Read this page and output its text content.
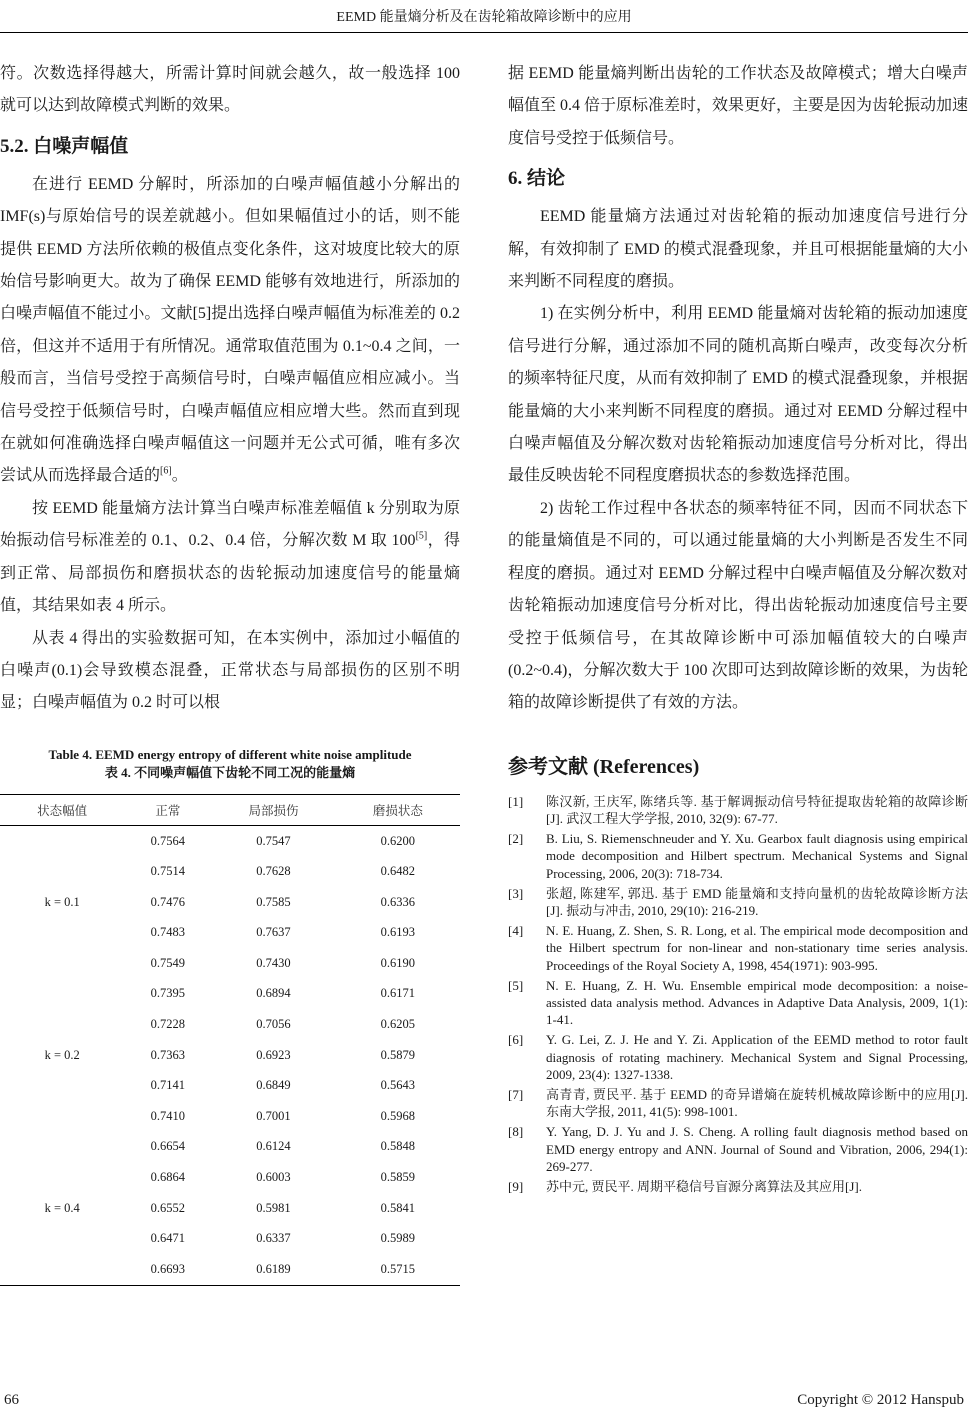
EEMD 能量熵分析及在齿轮箱故障诊断中的应用

符。次数选择得越大，所需计算时间就会越久，故一般选择 100 就可以达到故障模式判断的效果。

5.2. 白噪声幅值

在进行 EEMD 分解时，所添加的白噪声幅值越小分解出的 IMF(s)与原始信号的误差就越小。但如果幅值过小的话，则不能提供 EEMD 方法所依赖的极值点变化条件，这对坡度比较大的原始信号影响更大。故为了确保 EEMD 能够有效地进行，所添加的白噪声幅值不能过小。文献[5]提出选择白噪声幅值为标准差的 0.2 倍，但这并不适用于有所情况。通常取值范围为 0.1~0.4 之间，一般而言，当信号受控于高频信号时，白噪声幅值应相应减小。当信号受控于低频信号时，白噪声幅值应相应增大些。然而直到现在就如何准确选择白噪声幅值这一问题并无公式可循，唯有多次尝试从而选择最合适的[6]。

按 EEMD 能量熵方法计算当白噪声标准差幅值 k 分别取为原始振动信号标准差的 0.1、0.2、0.4 倍，分解次数 M 取 100[5]，得到正常、局部损伤和磨损状态的齿轮振动加速度信号的能量熵值，其结果如表 4 所示。

从表 4 得出的实验数据可知，在本实例中，添加过小幅值的白噪声(0.1)会导致模态混叠，正常状态与局部损伤的区别不明显；白噪声幅值为 0.2 时可以根

Table 4. EEMD energy entropy of different white noise amplitude
表 4. 不同噪声幅值下齿轮不同工况的能量熵
状态幅值	正常	局部损伤	磨损状态
	0.7564	0.7547	0.6200
	0.7514	0.7628	0.6482
k = 0.1	0.7476	0.7585	0.6336
	0.7483	0.7637	0.6193
	0.7549	0.7430	0.6190
	0.7395	0.6894	0.6171
	0.7228	0.7056	0.6205
k = 0.2	0.7363	0.6923	0.5879
	0.7141	0.6849	0.5643
	0.7410	0.7001	0.5968
	0.6654	0.6124	0.5848
	0.6864	0.6003	0.5859
k = 0.4	0.6552	0.5981	0.5841
	0.6471	0.6337	0.5989
	0.6693	0.6189	0.5715

据 EEMD 能量熵判断出齿轮的工作状态及故障模式；增大白噪声幅值至 0.4 倍于原标准差时，效果更好，主要是因为齿轮振动加速度信号受控于低频信号。

6. 结论

EEMD 能量熵方法通过对齿轮箱的振动加速度信号进行分解，有效抑制了 EMD 的模式混叠现象，并且可根据能量熵的大小来判断不同程度的磨损。

1) 在实例分析中，利用 EEMD 能量熵对齿轮箱的振动加速度信号进行分解，通过添加不同的随机高斯白噪声，改变每次分析的频率特征尺度，从而有效抑制了 EMD 的模式混叠现象，并根据能量熵的大小来判断不同程度的磨损。通过对 EEMD 分解过程中白噪声幅值及分解次数对齿轮箱振动加速度信号分析对比，得出最佳反映齿轮不同程度磨损状态的参数选择范围。

2) 齿轮工作过程中各状态的频率特征不同，因而不同状态下的能量熵值是不同的，可以通过能量熵的大小判断是否发生不同程度的磨损。通过对 EEMD 分解过程中白噪声幅值及分解次数对齿轮箱振动加速度信号分析对比，得出齿轮振动加速度信号主要受控于低频信号，在其故障诊断中可添加幅值较大的白噪声(0.2~0.4)，分解次数大于 100 次即可达到故障诊断的效果，为齿轮箱的故障诊断提供了有效的方法。

参考文献 (References)
[1]	陈汉新, 王庆军, 陈绪兵等. 基于解调振动信号特征提取齿轮箱的故障诊断[J]. 武汉工程大学学报, 2010, 32(9): 67-77.
[2]	B. Liu, S. Riemenschneuder and Y. Xu. Gearbox fault diagnosis using empirical mode decomposition and Hilbert spectrum. Mechanical Systems and Signal Processing, 2006, 20(3): 718-734.
[3]	张超, 陈建军, 郭迅. 基于 EMD 能量熵和支持向量机的齿轮故障诊断方法[J]. 振动与冲击, 2010, 29(10): 216-219.
[4]	N. E. Huang, Z. Shen, S. R. Long, et al. The empirical mode decomposition and the Hilbert spectrum for non-linear and non-stationary time series analysis. Proceedings of the Royal Society A, 1998, 454(1971): 903-995.
[5]	N. E. Huang, Z. H. Wu. Ensemble empirical mode decomposition: a noise-assisted data analysis method. Advances in Adaptive Data Analysis, 2009, 1(1): 1-41.
[6]	Y. G. Lei, Z. J. He and Y. Zi. Application of the EEMD method to rotor fault diagnosis of rotating machinery. Mechanical System and Signal Processing, 2009, 23(4): 1327-1338.
[7]	高青青, 贾民平. 基于 EEMD 的奇异谱熵在旋转机械故障诊断中的应用[J]. 东南大学报, 2011, 41(5): 998-1001.
[8]	Y. Yang, D. J. Yu and J. S. Cheng. A rolling fault diagnosis method based on EMD energy entropy and ANN. Journal of Sound and Vibration, 2006, 294(1): 269-277.
[9]	苏中元, 贾民平. 周期平稳信号盲源分离算法及其应用[J].
66	Copyright © 2012 Hanspub
